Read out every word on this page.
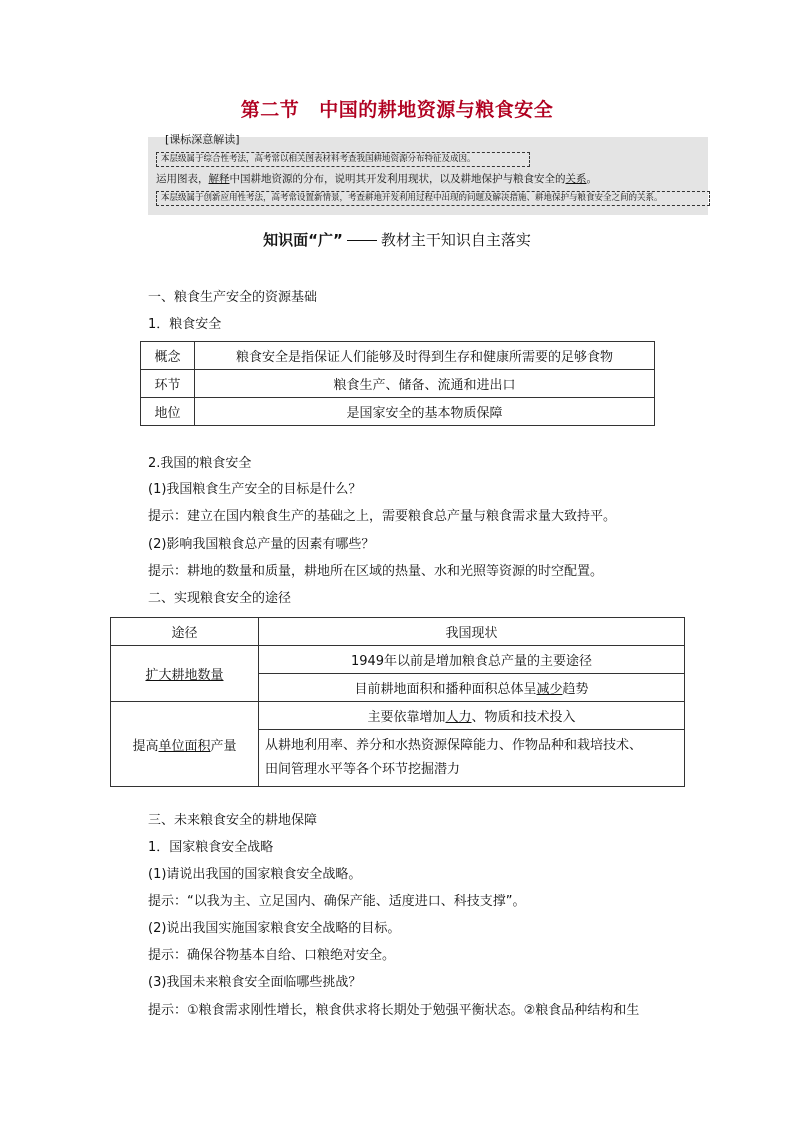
第二节 中国的耕地资源与粮食安全
[课标深意解读]
本层级属于综合性考法，高考常以相关图表材料考查我国耕地资源分布特征及成因。
运用图表，解释中国耕地资源的分布，说明其开发利用现状，以及耕地保护与粮食安全的关系。
本层级属于创新应用性考法，高考常设置新情景，考查耕地开发利用过程中出现的问题及解决措施、耕地保护与粮食安全之间的关系。
知识面“广”	教材主干知识自主落实
一、粮食生产安全的资源基础
1．粮食安全
概念	粮食安全是指保证人们能够及时得到生存和健康所需要的足够食物
环节	粮食生产、储备、流通和进出口
地位	是国家安全的基本物质保障
2.我国的粮食安全
(1)我国粮食生产安全的目标是什么？
提示：建立在国内粮食生产的基础之上，需要粮食总产量与粮食需求量大致持平。
(2)影响我国粮食总产量的因素有哪些？
提示：耕地的数量和质量，耕地所在区域的热量、水和光照等资源的时空配置。
二、实现粮食安全的途径
途径	我国现状
扩大耕地数量	1949年以前是增加粮食总产量的主要途径
	目前耕地面积和播种面积总体呈减少趋势
提高单位面积产量	主要依靠增加人力、物质和技术投入

	从耕地利用率、养分和水热资源保障能力、作物品种和栽培技术、
田间管理水平等各个环节挖掘潜力
三、未来粮食安全的耕地保障
1．国家粮食安全战略
(1)请说出我国的国家粮食安全战略。
提示：“以我为主、立足国内、确保产能、适度进口、科技支撑”。
(2)说出我国实施国家粮食安全战略的目标。
提示：确保谷物基本自给、口粮绝对安全。
(3)我国未来粮食安全面临哪些挑战？
提示：①粮食需求刚性增长，粮食供求将长期处于勉强平衡状态。②粮食品种结构和生
